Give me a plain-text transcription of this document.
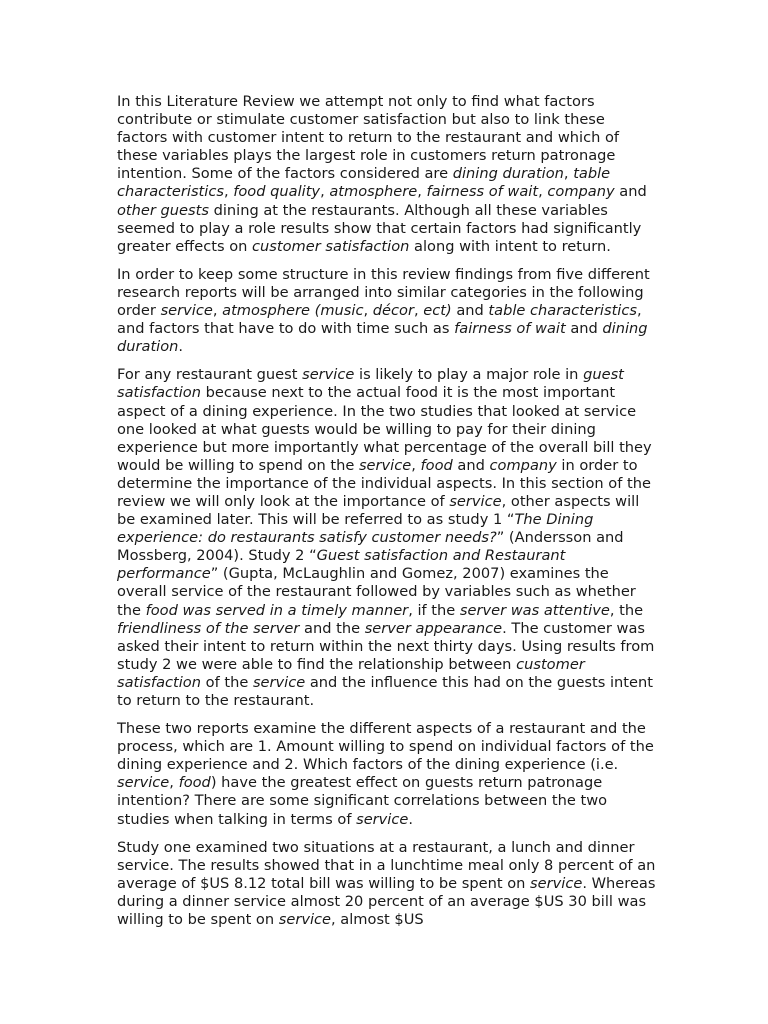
In this Literature Review we attempt not only to find what factors contribute or stimulate customer satisfaction but also to link these factors with customer intent to return to the restaurant and which of these variables plays the largest role in customers return patronage intention. Some of the factors considered are dining duration, table characteristics, food quality, atmosphere, fairness of wait, company and other guests dining at the restaurants. Although all these variables seemed to play a role results show that certain factors had significantly greater effects on customer satisfaction along with intent to return.

In order to keep some structure in this review findings from five different research reports will be arranged into similar categories in the following order service, atmosphere (music, décor, ect) and table characteristics, and factors that have to do with time such as fairness of wait and dining duration.

For any restaurant guest service is likely to play a major role in guest satisfaction because next to the actual food it is the most important aspect of a dining experience. In the two studies that looked at service one looked at what guests would be willing to pay for their dining experience but more importantly what percentage of the overall bill they would be willing to spend on the service, food and company in order to determine the importance of the individual aspects. In this section of the review we will only look at the importance of service, other aspects will be examined later. This will be referred to as study 1 “The Dining experience: do restaurants satisfy customer needs?” (Andersson and Mossberg, 2004). Study 2 “Guest satisfaction and Restaurant performance” (Gupta, McLaughlin and Gomez, 2007) examines the overall service of the restaurant followed by variables such as whether the food was served in a timely manner, if the server was attentive, the friendliness of the server and the server appearance. The customer was asked their intent to return within the next thirty days. Using results from study 2 we were able to find the relationship between customer satisfaction of the service and the influence this had on the guests intent to return to the restaurant.

These two reports examine the different aspects of a restaurant and the process, which are 1. Amount willing to spend on individual factors of the dining experience and 2. Which factors of the dining experience (i.e. service, food) have the greatest effect on guests return patronage intention? There are some significant correlations between the two studies when talking in terms of service.

Study one examined two situations at a restaurant, a lunch and dinner service. The results showed that in a lunchtime meal only 8 percent of an average of $US 8.12 total bill was willing to be spent on service. Whereas during a dinner service almost 20 percent of an average $US 30 bill was willing to be spent on service, almost $US
